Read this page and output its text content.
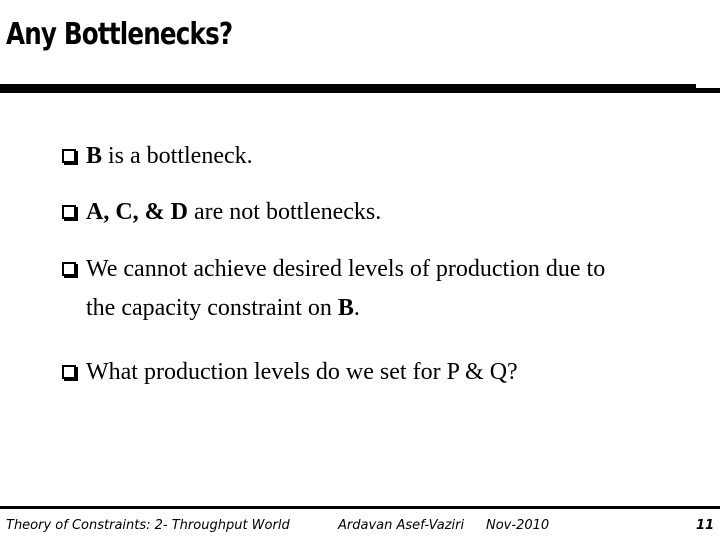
Any Bottlenecks?
B is a bottleneck.
A, C, & D are not bottlenecks.
We cannot achieve desired levels of production due to
the capacity constraint on B.
What production levels do we set for P & Q?
Theory of Constraints: 2- Throughput World	Ardavan Asef-Vaziri Nov-2010	11
